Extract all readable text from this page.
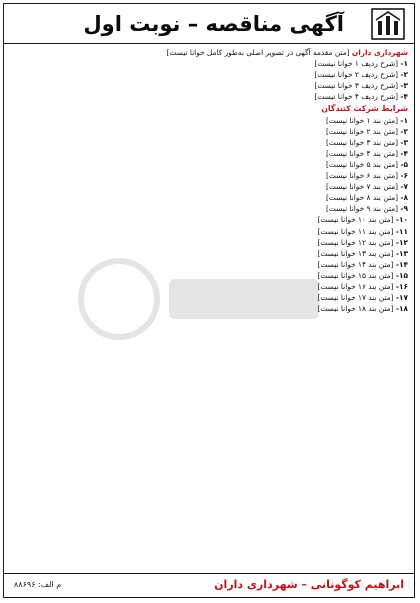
آگهی مناقصه – نوبت اول

شهرداری داران [متن مقدمه آگهی در تصویر اصلی به‌طور کامل خوانا نیست]

۱- [شرح ردیف ۱ خوانا نیست]
۲- [شرح ردیف ۲ خوانا نیست]
۳- [شرح ردیف ۳ خوانا نیست]
۴- [شرح ردیف ۴ خوانا نیست]
شرایط شرکت کنندگان
۱- [متن بند ۱ خوانا نیست]
۲- [متن بند ۲ خوانا نیست]
۳- [متن بند ۳ خوانا نیست]
۴- [متن بند ۴ خوانا نیست]
۵- [متن بند ۵ خوانا نیست]
۶- [متن بند ۶ خوانا نیست]
۷- [متن بند ۷ خوانا نیست]
۸- [متن بند ۸ خوانا نیست]
۹- [متن بند ۹ خوانا نیست]
۱۰- [متن بند ۱۰ خوانا نیست]
۱۱- [متن بند ۱۱ خوانا نیست]
۱۲- [متن بند ۱۲ خوانا نیست]
۱۳- [متن بند ۱۳ خوانا نیست]
۱۴- [متن بند ۱۴ خوانا نیست]
۱۵- [متن بند ۱۵ خوانا نیست]
۱۶- [متن بند ۱۶ خوانا نیست]
۱۷- [متن بند ۱۷ خوانا نیست]
۱۸- [متن بند ۱۸ خوانا نیست]
ابراهیم کوگونانی – شهرداری داران
م الف: ۸۸۶۹۶
